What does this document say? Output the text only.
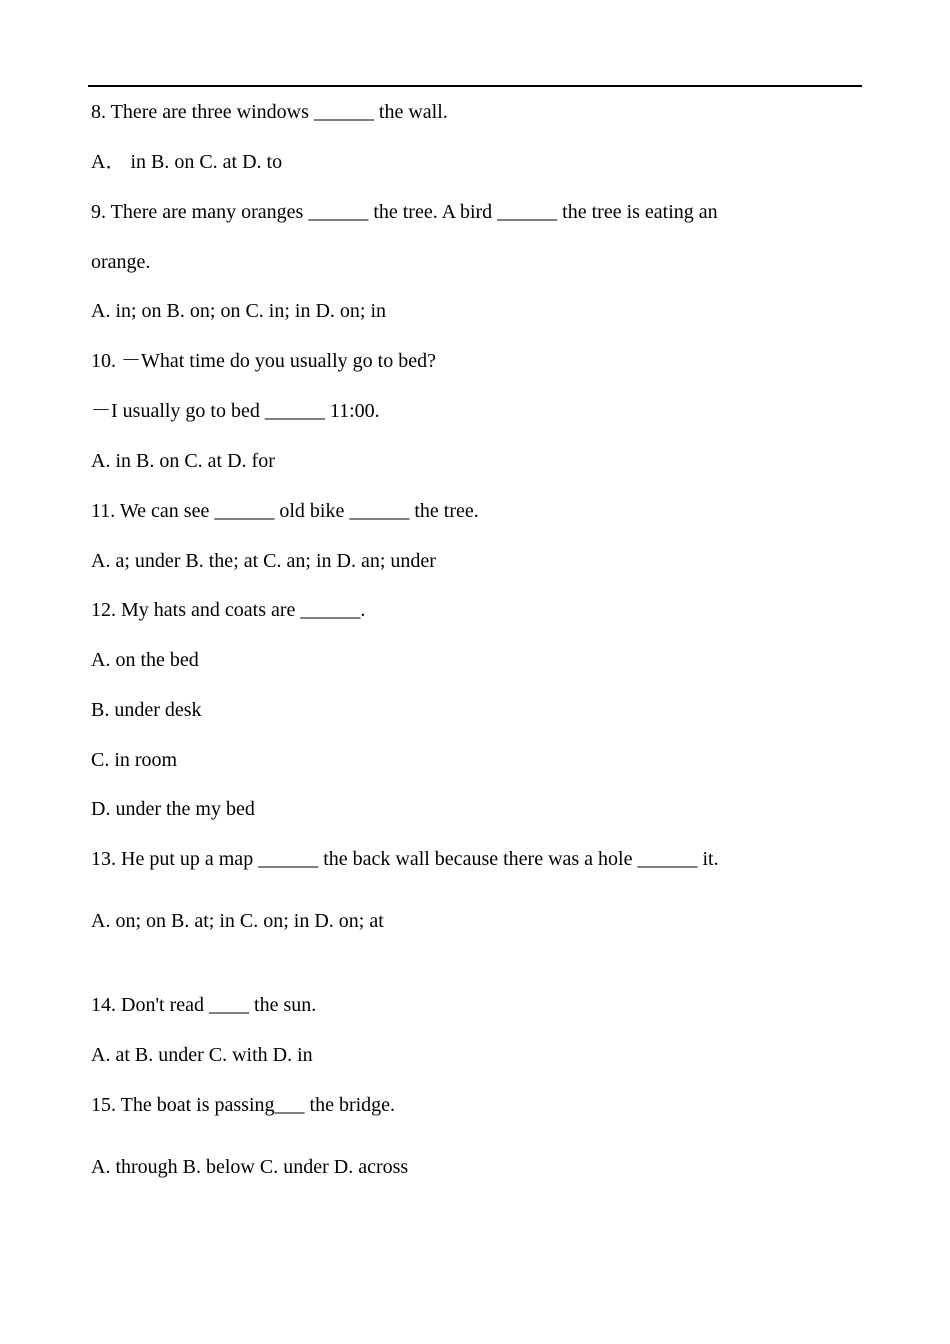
8. There are three windows ______ the wall.
A． in B. on C. at D. to
9. There are many oranges ______ the tree. A bird ______ the tree is eating an
orange.
A. in; on B. on; on C. in; in D. on; in
10. －What time do you usually go to bed?
－I usually go to bed ______ 11:00.
A. in B. on C. at D. for
11. We can see ______ old bike ______ the tree.
A. a; under B. the; at C. an; in D. an; under
12. My hats and coats are ______.
A. on the bed
B. under desk
C. in room
D. under the my bed
13. He put up a map ______ the back wall because there was a hole ______ it.
A. on; on B. at; in C. on; in D. on; at
14. Don't read ____ the sun.
A. at B. under C. with D. in
15. The boat is passing___ the bridge.
A. through B. below C. under D. across
